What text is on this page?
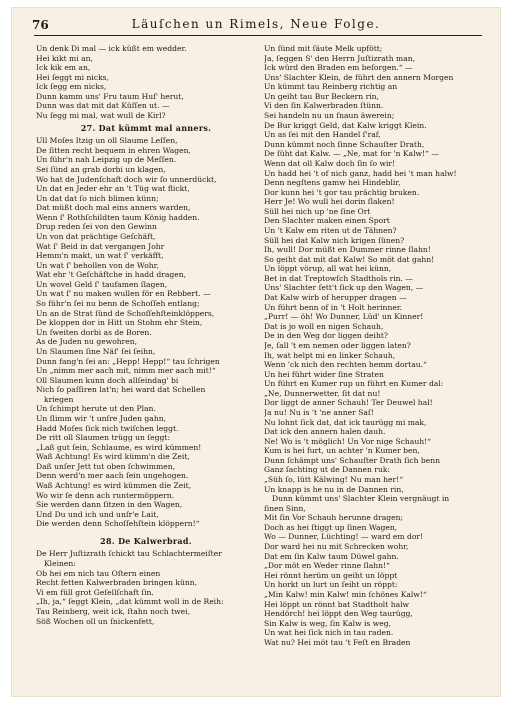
76	Läuſchen un Rimels, Neue Folge.
Un denk Di mal — ick küßt em wedder.
Hei kikt mi an,
Ick kik em an,
Hei ſeggt mi nicks,
Ick ſegg em nicks,
Dunn kamm uns' Fru taum Huſ' herut,
Dunn was dat mit dat Küſſen ut. —
Nu ſegg mi mal, wat wull de Kirl?
27. Dat kümmt mal anners.
Ull Moſes Itzig un oll Slaume Leſſen,
De ſitten recht bequem in ehren Wagen,
Un führ'n nah Leipzig up de Meſſen.
Sei ſünd an grab dorbi un klagen,
Wo hat de Judenſchaft doch wir ſo unnerdückt,
Un dat en Jeder ehr an 't Tüg wat flickt,
Un dat dat ſo nich blimen künn;
Dat müßt doch mal eins anners warden,
Wenn ſ' Rothſchildten taum König hadden.
Drup reden ſei von den Gewinn
Un von dat prächtige Geſchäft,
Wat ſ' Beid in dat vergangen Johr
Hemm'n makt, un wat ſ' verkäfft,
Un wat ſ' behollen von de Wohr,
Wat ehr 't Geſchäftche in hadd dragen,
Un wovel Geld ſ' taufamen ſlagen,
Un wat ſ' nu maken wullen för en Rebbert. —
So führ'n ſei nu benn de Schoſſeh entlang;
Un an de Strat ſünd de Schoſſehſteinklöppers,
De kloppen dor in Hitt un Stohm ehr Stein,
Un ſweiten dorbi as de Boren.
As de Juden nu gewohren,
Un Slaumen ſine Näſ' ſei ſeihn,
Dunn fang'n ſei an: „Hepp! Hepp!“ tau ſchrigen
Un „nimm mer aach mit, nimm mer aach mit!“
Oll Slaumen kunn doch allſeindag' bi
Nich ſo paſſiren lat'n; hei ward dat Schellen
kriegen
Un ſchimpt herute ut den Plan.
Un ſlimm wir 't unſre Juden gahn,
Hadd Moſes ſick nich twiſchen leggt.
De ritt oll Slaumen trügg un ſeggt:
„Laß gut ſein, Schlaume, es wird kümmen!
Waß Achtung! Es wird kümm'n die Zeit,
Daß unſer Jett tut oben ſchwimmen,
Denn werd'n mer aach ſein ungehogen.
Waß Achtung! es wird kümmen die Zeit,
Wo wir ſe denn ach runtermöppern.
Sie werden dann ſitzen in den Wagen,
Und Du und ich und unſr'e Lait,
Die werden denn Schoſſehſtein klöppern!“
28. De Kalwerbrad.
De Herr Juſtizrath ſchickt tau Schlachtermeiſter
Kleinen:
Ob hei em nich tau Oſtern einen
Recht fetten Kalwerbraden bringen künn,
Vi em füll grot Geſellſchaft ſin.
„Ih, ja,“ ſeggt Klein, „dat kümmt woll in de Reih:
Tau Reinberg, weit ick, ſtahn noch twei,
Söß Wochen oll un ſnickenfett,
Un ſünd mit ſäute Melk upfött;
Ja, ſeggen S' den Herrn Juſtizrath man,
Ick würd den Braden em beſorgen.“ —
Uns' Slachter Klein, de führt den annern Morgen
Un kümmt tau Reinberg richtig an
Un geiht tau Bur Beckern rin,
Vi den ſin Kalwerbraden ſtünn.
Sei handeln nu un ſnaun äwerein;
De Bur kriggt Geld, dat Kalw kriggt Klein.
Un as ſei mit den Handel ſ'raf,
Dunn kümmt noch ſinne Schauſter Drath,
De ſüht dat Kalw. — „Ne, mat for 'n Kalw!“ —
Wenn dat oll Kalw doch ſin ſo wir!
Un hadd hei 't of nich ganz, hadd hei 't man halw!
Denn negſtens gamw hei Hindeblir,
Dor kunn hei 't gor tau prächtig bruken.
Herr Je! Wo wull hei dorin ſlaken!
Süll hei nich up 'ne ſine Ort
Den Slachter maken einen Sport
Un 't Kalw em riten ut de Tähnen?
Süll hei dat Kalw nich krigen ſünen?
Ih, wull! Dor müßt en Dummer rinne ſlahn!
So geiht dat mit dat Kalw! So möt dat gahn!
Un löppt vörup, all wat hei künn,
Bet in dat Treptowſch Stadthols rin. —
Uns' Slachter ſett't ſick up den Wagen, —
Dat Kalw wirb of herupper dragen —
Un führt benn of in 't Holt herinner.
„Purr! — öh! Wo Dunner, Lüd' un Kinner!
Dat is jo woll en nigen Schauh,
De in den Weg dor liggen deiht?
Je, ſall 't em nemen oder liggen laten?
Ih, wat helpt mi en linker Schauh,
Wenn 'ck nich den rechten hemm dortau.“
Un hei führt wider ſine Straten
Un führt en Kumer rup un führt en Kumer dal:
„Ne, Dunnerwetter, ſit dat nu!
Dor liggt de anner Schauh! Ter Deuwel hal!
Ja nu! Nu is 't 'ne anner Saſ!
Nu lohnt ſick dat, dat ick taurügg mi mak,
Dat ick den annern halen dauh.
Ne! Wo is 't möglich! Un Vor nige Schauh!“
Kum is hei furt, un achter 'n Kumer ben,
Dunn ſchämpt uns' Schauſter Drath ſich benn
Ganz ſachting ut de Dannen ruk:
„Süh ſo, lütt Kälwing! Nu man her!“
Un knapp is he nu in de Dannen rin,
Dunn kümmt uns' Slachter Klein vergnäugt in
ſinen Sinn,
Mit ſin Vor Schauh herunne dragen;
Doch as hei ſtiggt up ſinen Wagen,
Wo — Dunner, Lüchting! — ward em dor!
Dor ward hei nu mit Schrecken wohr,
Dat em ſin Kalw taum Düwel gahn.
„Dor möt en Weder rinne ſlahn!“
Hei rönnt herüm un geiht un löppt
Un horkt un lurt un ſeiht un röppt:
„Min Kalw! min Kalw! min ſchönes Kalw!“
Hei löppt un rönnt bat Stadtholt halw
Hendörch! hei löppt den Weg taurügg,
Sin Kalw is weg, ſin Kalw is weg,
Un wat hei ſick nich in tau raden.
Wat nu? Hei möt tau 't Feſt en Braden
